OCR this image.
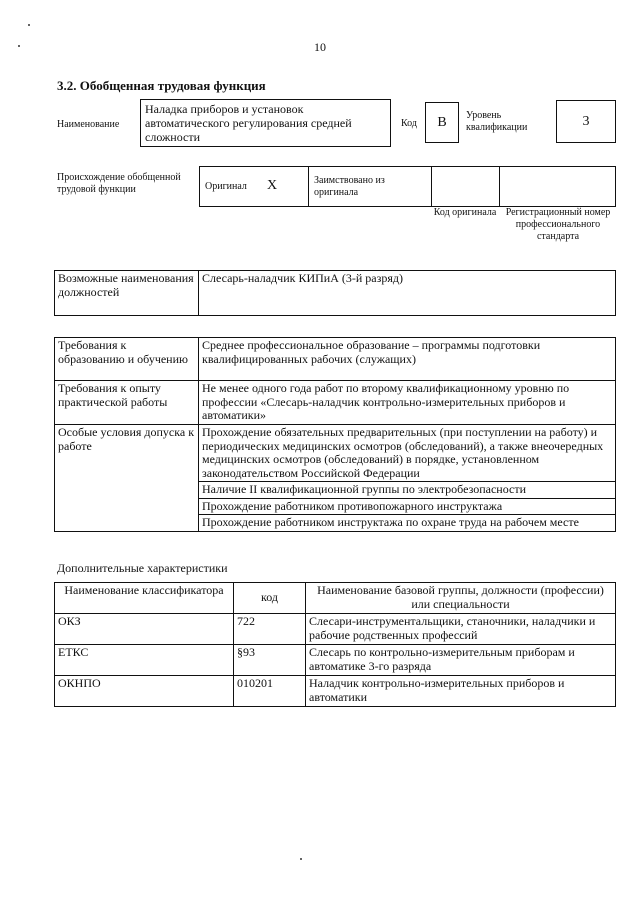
10
3.2. Обобщенная трудовая функция
Наименование
Наладка приборов и установок автоматического регулирования средней сложности
Код B Уровень квалификации	3
Происхождение обобщенной трудовой функции	Оригинал X	Заимствовано из оригинала
Код оригинала Регистрационный номер профессионального стандарта
Возможные наименования должностей	Слесарь-наладчик КИПиА (3-й разряд)
Требования к образованию и обучению	Среднее профессиональное образование – программы подготовки квалифицированных рабочих (служащих)
Требования к опыту практической работы	Не менее одного года работ по второму квалификационному уровню по профессии «Слесарь-наладчик контрольно-измерительных приборов и автоматики»
Особые условия допуска к работе	Прохождение обязательных предварительных (при поступлении на работу) и периодических медицинских осмотров (обследований), а также внеочередных медицинских осмотров (обследований) в порядке, установленном законодательством Российской Федерации
	Наличие II квалификационной группы по электробезопасности
	Прохождение работником противопожарного инструктажа
	Прохождение работником инструктажа по охране труда на рабочем месте
Дополнительные характеристики
Наименование классификатора	код	Наименование базовой группы, должности (профессии) или специальности
ОКЗ	722	Слесари-инструментальщики, станочники, наладчики и рабочие родственных профессий
ЕТКС	§93	Слесарь по контрольно-измерительным приборам и автоматике 3-го разряда
ОКНПО	010201	Наладчик контрольно-измерительных приборов и автоматики
